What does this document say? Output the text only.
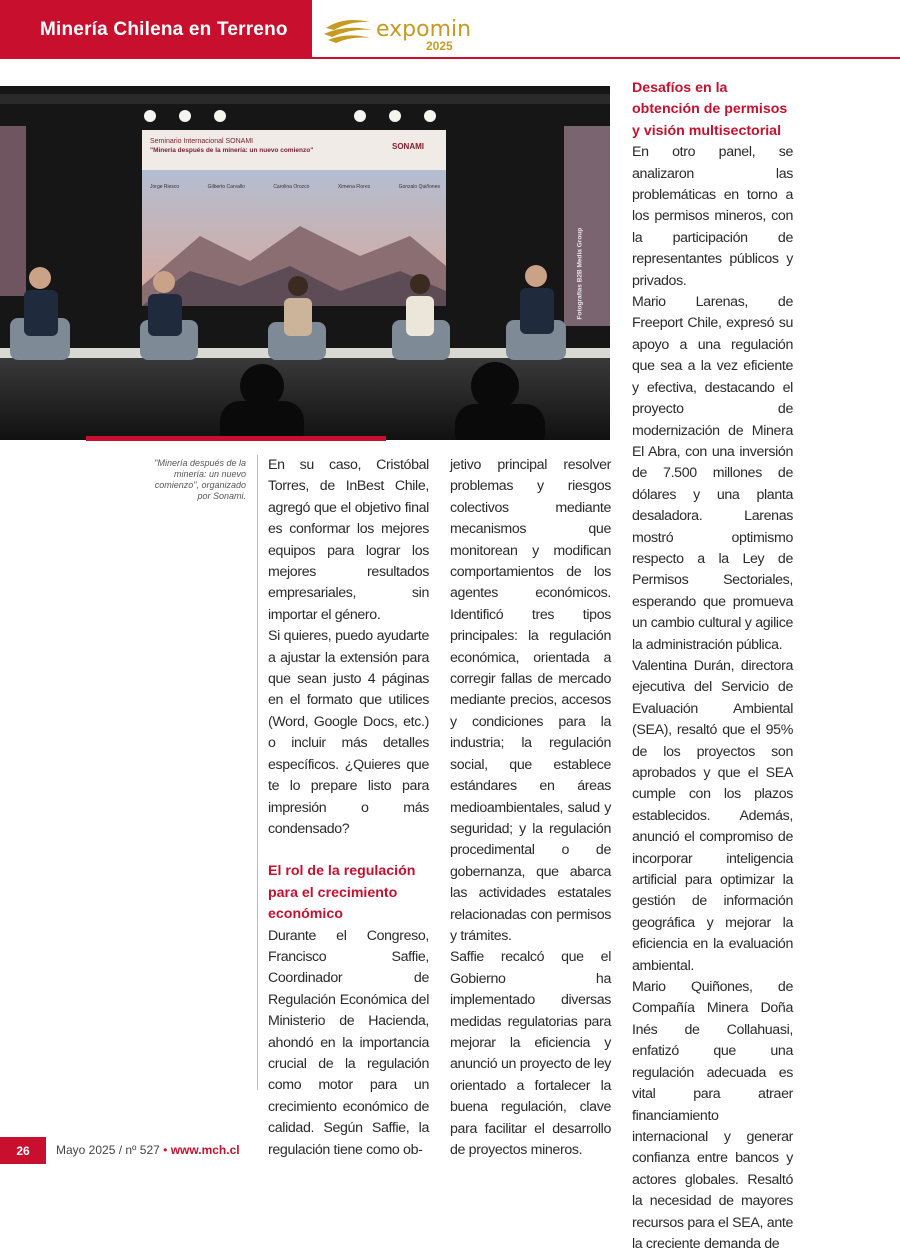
Minería Chilena en Terreno	expomin
2025
Seminario Internacional SONAMI
"Minería después de la minería: un nuevo comienzo"	SONAMI
Jorge Riesco	Gilberto Carvallo	Carolina Orozco	Ximena Flores	Gonzalo Quiñones
Fotografías B2B Media Group
"Minería después de la minería: un nuevo comienzo", organizado por Sonami.

En su caso, Cristóbal Torres, de InBest Chile, agregó que el objetivo final es conformar los mejores equipos para lograr los mejores resultados empresariales, sin importar el género.

Si quieres, puedo ayudarte a ajustar la extensión para que sean justo 4 páginas en el formato que utilices (Word, Google Docs, etc.) o incluir más detalles específicos. ¿Quieres que te lo prepare listo para impresión o más condensado?

El rol de la regulación para el crecimiento económico

Durante el Congreso, Francisco Saffie, Coordinador de Regulación Económica del Ministerio de Hacienda, ahondó en la importancia crucial de la regulación como motor para un crecimiento económico de calidad. Según Saffie, la regulación tiene como ob-

jetivo principal resolver problemas y riesgos colectivos mediante mecanismos que monitorean y modifican comportamientos de los agentes económicos. Identificó tres tipos principales: la regulación económica, orientada a corregir fallas de mercado mediante precios, accesos y condiciones para la industria; la regulación social, que establece estándares en áreas medioambientales, salud y seguridad; y la regulación procedimental o de gobernanza, que abarca las actividades estatales relacionadas con permisos y trámites.

Saffie recalcó que el Gobierno ha implementado diversas medidas regulatorias para mejorar la eficiencia y anunció un proyecto de ley orientado a fortalecer la buena regulación, clave para facilitar el desarrollo de proyectos mineros.

Desafíos en la obtención de permisos y visión multisectorial

En otro panel, se analizaron las problemáticas en torno a los permisos mineros, con la participación de representantes públicos y privados.

Mario Larenas, de Freeport Chile, expresó su apoyo a una regulación que sea a la vez eficiente y efectiva, destacando el proyecto de modernización de Minera El Abra, con una inversión de 7.500 millones de dólares y una planta desaladora. Larenas mostró optimismo respecto a la Ley de Permisos Sectoriales, esperando que promueva un cambio cultural y agilice la administración pública.

Valentina Durán, directora ejecutiva del Servicio de Evaluación Ambiental (SEA), resaltó que el 95% de los proyectos son aprobados y que el SEA cumple con los plazos establecidos. Además, anunció el compromiso de incorporar inteligencia artificial para optimizar la gestión de información geográfica y mejorar la eficiencia en la evaluación ambiental.

Mario Quiñones, de Compañía Minera Doña Inés de Collahuasi, enfatizó que una regulación adecuada es vital para atraer financiamiento internacional y generar confianza entre bancos y actores globales. Resaltó la necesidad de mayores recursos para el SEA, ante la creciente demanda de

26	Mayo 2025 / nº 527 • www.mch.cl
